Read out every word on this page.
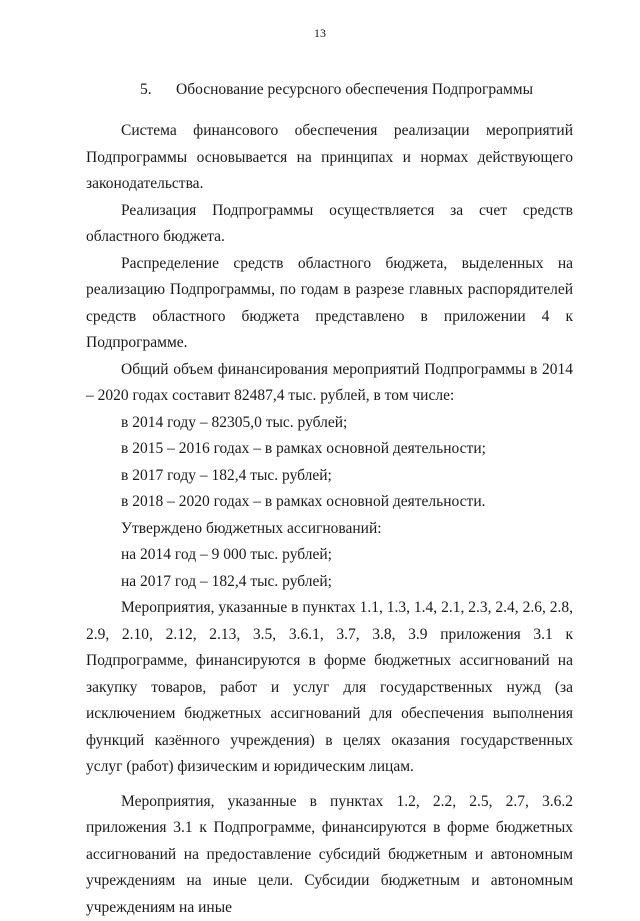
13
5. Обоснование ресурсного обеспечения Подпрограммы

Система финансового обеспечения реализации мероприятий Подпрограммы основывается на принципах и нормах действующего законодательства.

Реализация Подпрограммы осуществляется за счет средств областного бюджета.

Распределение средств областного бюджета, выделенных на реализацию Подпрограммы, по годам в разрезе главных распорядителей средств областного бюджета представлено в приложении 4 к Подпрограмме.

Общий объем финансирования мероприятий Подпрограммы в 2014 – 2020 годах составит 82487,4 тыс. рублей, в том числе:

в 2014 году – 82305,0 тыс. рублей;

в 2015 – 2016 годах – в рамках основной деятельности;

в 2017 году – 182,4 тыс. рублей;

в 2018 – 2020 годах – в рамках основной деятельности.

Утверждено бюджетных ассигнований:

на 2014 год – 9 000 тыс. рублей;

на 2017 год – 182,4 тыс. рублей;

Мероприятия, указанные в пунктах 1.1, 1.3, 1.4, 2.1, 2.3, 2.4, 2.6, 2.8, 2.9, 2.10, 2.12, 2.13, 3.5, 3.6.1, 3.7, 3.8, 3.9 приложения 3.1 к Подпрограмме, финансируются в форме бюджетных ассигнований на закупку товаров, работ и услуг для государственных нужд (за исключением бюджетных ассигнований для обеспечения выполнения функций казённого учреждения) в целях оказания государственных услуг (работ) физическим и юридическим лицам.

Мероприятия, указанные в пунктах 1.2, 2.2, 2.5, 2.7, 3.6.2 приложения 3.1 к Подпрограмме, финансируются в форме бюджетных ассигнований на предоставление субсидий бюджетным и автономным учреждениям на иные цели. Субсидии бюджетным и автономным учреждениям на иные
